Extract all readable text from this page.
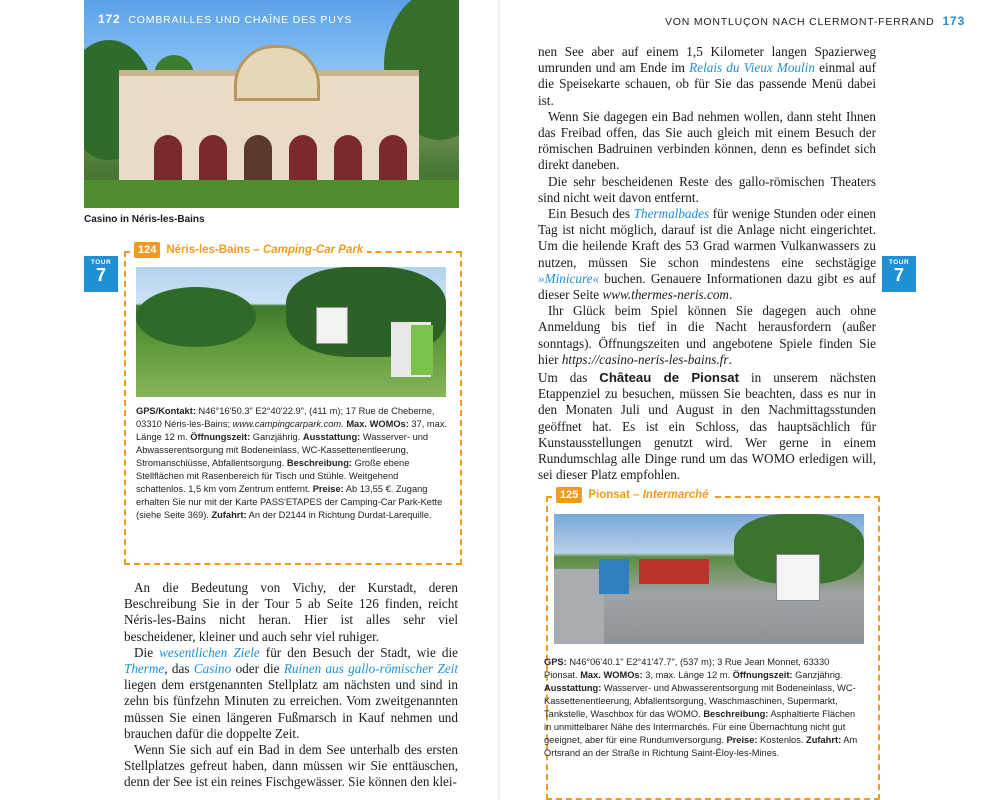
172 COMBRAILLES UND CHAÎNE DES PUYS
Casino in Néris-les-Bains
TOUR
7
124 Néris-les-Bains – Camping-Car Park
GPS/Kontakt: N46°16'50.3" E2°40'22.9", (411 m); 17 Rue de Cheberne, 03310 Néris-les-Bains; www.campingcarpark.com. Max. WOMOs: 37, max. Länge 12 m. Öffnungszeit: Ganzjährig. Ausstattung: Wasserver- und Abwasserentsorgung mit Bodeneinlass, WC-Kassettenentleerung, Stromanschlüsse, Abfallentsorgung. Beschreibung: Große ebene Stellflächen mit Rasenbereich für Tisch und Stühle. Weitgehend schattenlos. 1,5 km vom Zentrum entfernt. Preise: Ab 13,55 €. Zugang erhalten Sie nur mit der Karte PASS'ETAPES der Camping-Car Park-Kette (siehe Seite 369). Zufahrt: An der D2144 in Richtung Durdat-Larequille.

An die Bedeutung von Vichy, der Kurstadt, deren Beschreibung Sie in der Tour 5 ab Seite 126 finden, reicht Néris-les-Bains nicht heran. Hier ist alles sehr viel bescheidener, kleiner und auch sehr viel ruhiger.

Die wesentlichen Ziele für den Besuch der Stadt, wie die Therme, das Casino oder die Ruinen aus gallo-römischer Zeit liegen dem erstgenannten Stellplatz am nächsten und sind in zehn bis fünfzehn Minuten zu erreichen. Vom zweitgenannten müssen Sie einen längeren Fußmarsch in Kauf nehmen und brauchen dafür die doppelte Zeit.

Wenn Sie sich auf ein Bad in dem See unterhalb des ersten Stellplatzes gefreut haben, dann müssen wir Sie enttäuschen, denn der See ist ein reines Fischgewässer. Sie können den klei-

VON MONTLUÇON NACH CLERMONT-FERRAND 173
TOUR
7

nen See aber auf einem 1,5 Kilometer langen Spazierweg umrunden und am Ende im Relais du Vieux Moulin einmal auf die Speisekarte schauen, ob für Sie das passende Menü dabei ist.

Wenn Sie dagegen ein Bad nehmen wollen, dann steht Ihnen das Freibad offen, das Sie auch gleich mit einem Besuch der römischen Badruinen verbinden können, denn es befindet sich direkt daneben.

Die sehr bescheidenen Reste des gallo-römischen Theaters sind nicht weit davon entfernt.

Ein Besuch des Thermalbades für wenige Stunden oder einen Tag ist nicht möglich, darauf ist die Anlage nicht eingerichtet. Um die heilende Kraft des 53 Grad warmen Vulkanwassers zu nutzen, müssen Sie schon mindestens eine sechstägige »Minicure« buchen. Genauere Informationen dazu gibt es auf dieser Seite www.thermes-neris.com.

Ihr Glück beim Spiel können Sie dagegen auch ohne Anmeldung bis tief in die Nacht herausfordern (außer sonntags). Öffnungszeiten und angebotene Spiele finden Sie hier https://casino-neris-les-bains.fr.

Um das Château de Pionsat in unserem nächsten Etappenziel zu besuchen, müssen Sie beachten, dass es nur in den Monaten Juli und August in den Nachmittagsstunden geöffnet hat. Es ist ein Schloss, das hauptsächlich für Kunstausstellungen genutzt wird. Wer gerne in einem Rundumschlag alle Dinge rund um das WOMO erledigen will, sei dieser Platz empfohlen.

125 Pionsat – Intermarché
GPS: N46°06'40.1" E2°41'47.7", (537 m); 3 Rue Jean Monnet, 63330 Pionsat. Max. WOMOs: 3, max. Länge 12 m. Öffnungszeit: Ganzjährig. Ausstattung: Wasserver- und Abwasserentsorgung mit Bodeneinlass, WC-Kassettenentleerung, Abfallentsorgung, Waschmaschinen, Supermarkt, Tankstelle, Waschbox für das WOMO. Beschreibung: Asphaltierte Flächen in unmittelbarer Nähe des Intermarchés. Für eine Übernachtung nicht gut geeignet, aber für eine Rundumversorgung. Preise: Kostenlos. Zufahrt: Am Ortsrand an der Straße in Richtung Saint-Éloy-les-Mines.
